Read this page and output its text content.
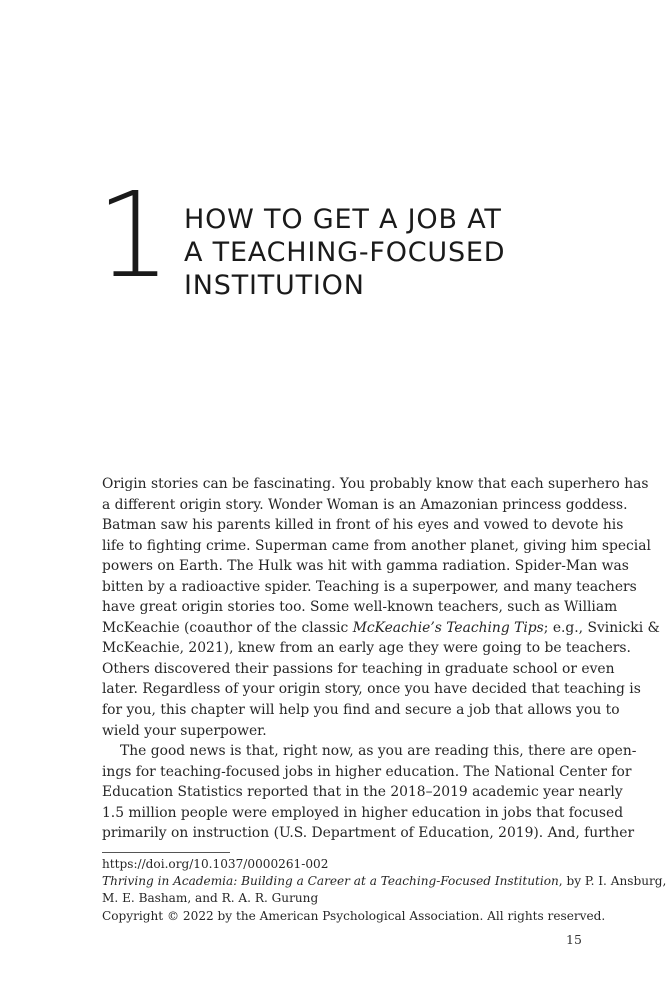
1 HOW TO GET A JOB AT
A TEACHING-FOCUSED
INSTITUTION

Origin stories can be fascinating. You probably know that each superhero has
a different origin story. Wonder Woman is an Amazonian princess goddess.
Batman saw his parents killed in front of his eyes and vowed to devote his
life to fighting crime. Superman came from another planet, giving him special
powers on Earth. The Hulk was hit with gamma radiation. Spider-Man was
bitten by a radioactive spider. Teaching is a superpower, and many teachers
have great origin stories too. Some well-known teachers, such as William
McKeachie (coauthor of the classic McKeachie’s Teaching Tips; e.g., Svinicki &
McKeachie, 2021), knew from an early age they were going to be teachers.
Others discovered their passions for teaching in graduate school or even
later. Regardless of your origin story, once you have decided that teaching is
for you, this chapter will help you find and secure a job that allows you to
wield your superpower.

The good news is that, right now, as you are reading this, there are open-
ings for teaching-focused jobs in higher education. The National Center for
Education Statistics reported that in the 2018–2019 academic year nearly
1.5 million people were employed in higher education in jobs that focused
primarily on instruction (U.S. Department of Education, 2019). And, further

https://doi.org/10.1037/0000261-002
Thriving in Academia: Building a Career at a Teaching-Focused Institution, by P. I. Ansburg,
M. E. Basham, and R. A. R. Gurung
Copyright © 2022 by the American Psychological Association. All rights reserved.
15
